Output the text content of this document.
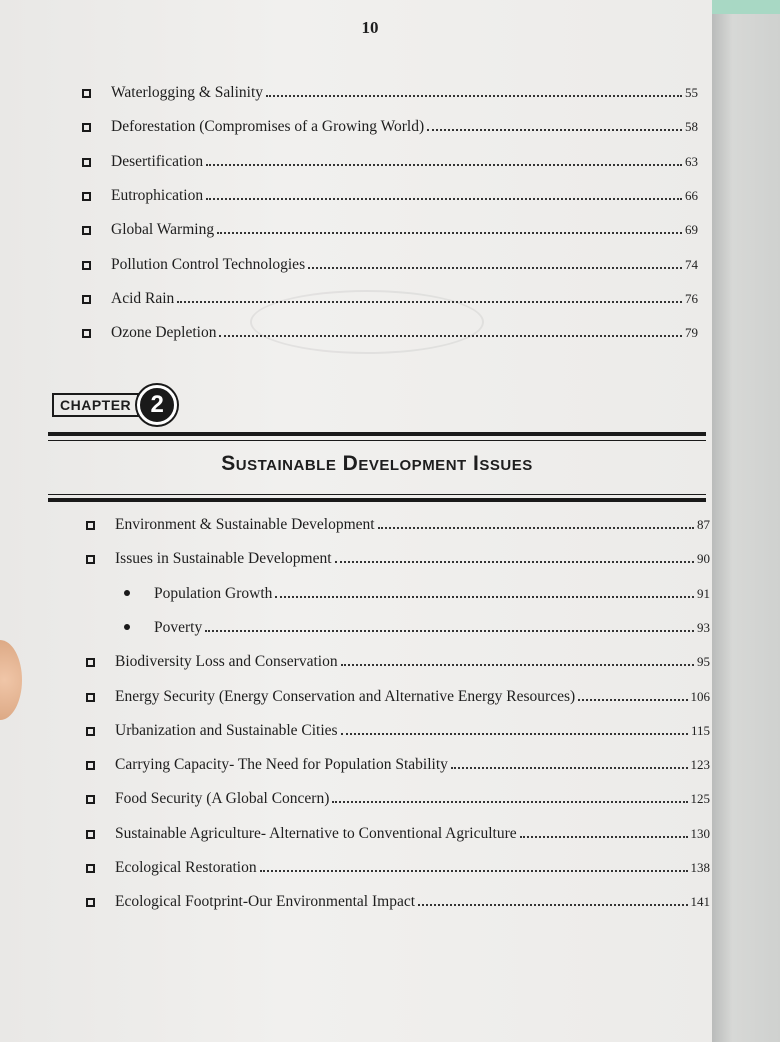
10
Waterlogging & Salinity	55
Deforestation (Compromises of a Growing World)	58
Desertification	63
Eutrophication	66
Global Warming	69
Pollution Control Technologies	74
Acid Rain	76
Ozone Depletion	79
CHAPTER 2
Sustainable Development Issues
Environment & Sustainable Development	87
Issues in Sustainable Development	90
Population Growth	91
Poverty	93
Biodiversity Loss and Conservation	95
Energy Security (Energy Conservation and Alternative Energy Resources)	106
Urbanization and Sustainable Cities	115
Carrying Capacity- The Need for Population Stability	123
Food Security (A Global Concern)	125
Sustainable Agriculture- Alternative to Conventional Agriculture	130
Ecological Restoration	138
Ecological Footprint-Our Environmental Impact	141
